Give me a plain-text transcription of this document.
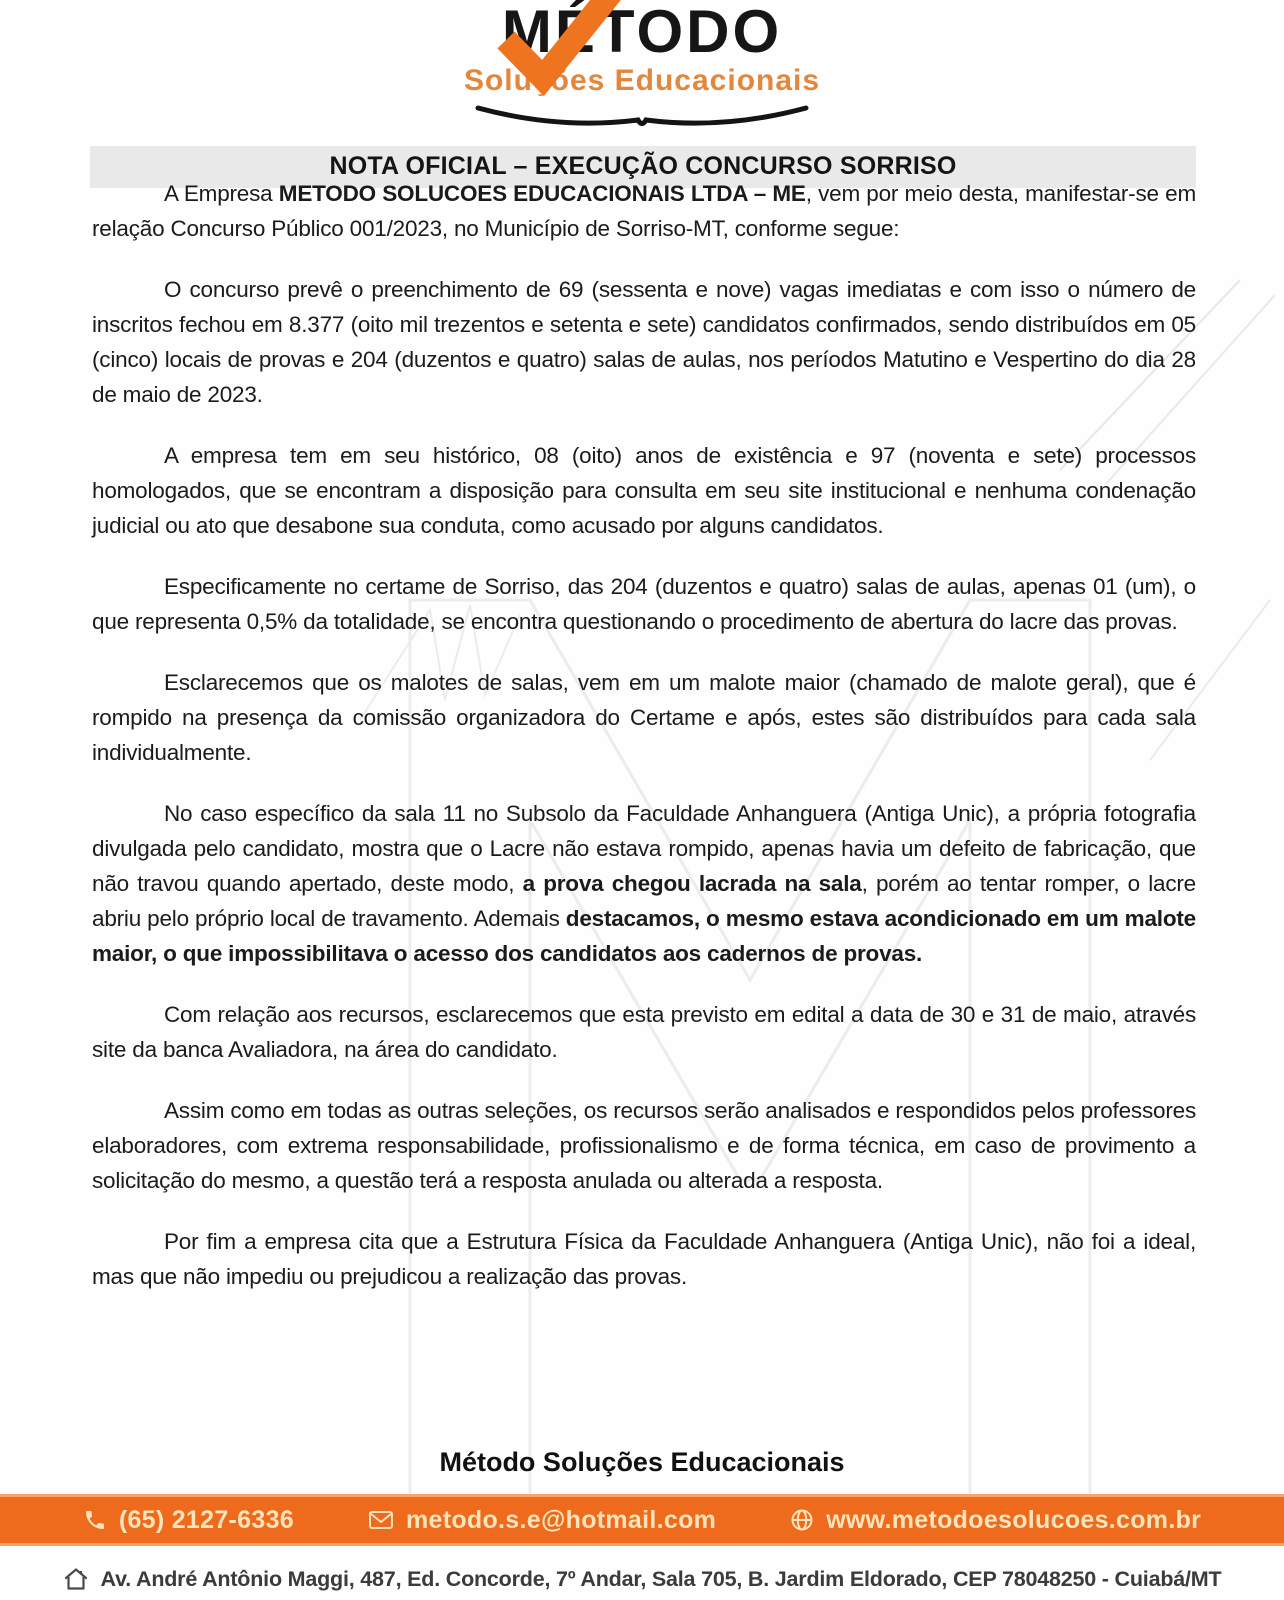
MÉTODO
Soluções Educacionais
NOTA OFICIAL – EXECUÇÃO CONCURSO SORRISO

A Empresa METODO SOLUCOES EDUCACIONAIS LTDA – ME, vem por meio desta, manifestar-se em relação Concurso Público 001/2023, no Município de Sorriso-MT, conforme segue:

O concurso prevê o preenchimento de 69 (sessenta e nove) vagas imediatas e com isso o número de inscritos fechou em 8.377 (oito mil trezentos e setenta e sete) candidatos confirmados, sendo distribuídos em 05 (cinco) locais de provas e 204 (duzentos e quatro) salas de aulas, nos períodos Matutino e Vespertino do dia 28 de maio de 2023.

A empresa tem em seu histórico, 08 (oito) anos de existência e 97 (noventa e sete) processos homologados, que se encontram a disposição para consulta em seu site institucional e nenhuma condenação judicial ou ato que desabone sua conduta, como acusado por alguns candidatos.

Especificamente no certame de Sorriso, das 204 (duzentos e quatro) salas de aulas, apenas 01 (um), o que representa 0,5% da totalidade, se encontra questionando o procedimento de abertura do lacre das provas.

Esclarecemos que os malotes de salas, vem em um malote maior (chamado de malote geral), que é rompido na presença da comissão organizadora do Certame e após, estes são distribuídos para cada sala individualmente.

No caso específico da sala 11 no Subsolo da Faculdade Anhanguera (Antiga Unic), a própria fotografia divulgada pelo candidato, mostra que o Lacre não estava rompido, apenas havia um defeito de fabricação, que não travou quando apertado, deste modo, a prova chegou lacrada na sala, porém ao tentar romper, o lacre abriu pelo próprio local de travamento. Ademais destacamos, o mesmo estava acondicionado em um malote maior, o que impossibilitava o acesso dos candidatos aos cadernos de provas.

Com relação aos recursos, esclarecemos que esta previsto em edital a data de 30 e 31 de maio, através site da banca Avaliadora, na área do candidato.

Assim como em todas as outras seleções, os recursos serão analisados e respondidos pelos professores elaboradores, com extrema responsabilidade, profissionalismo e de forma técnica, em caso de provimento a solicitação do mesmo, a questão terá a resposta anulada ou alterada a resposta.

Por fim a empresa cita que a Estrutura Física da Faculdade Anhanguera (Antiga Unic), não foi a ideal, mas que não impediu ou prejudicou a realização das provas.

Método Soluções Educacionais
(65) 2127-6336	metodo.s.e@hotmail.com	www.metodoesolucoes.com.br
Av. André Antônio Maggi, 487, Ed. Concorde, 7º Andar, Sala 705, B. Jardim Eldorado, CEP 78048250 - Cuiabá/MT
